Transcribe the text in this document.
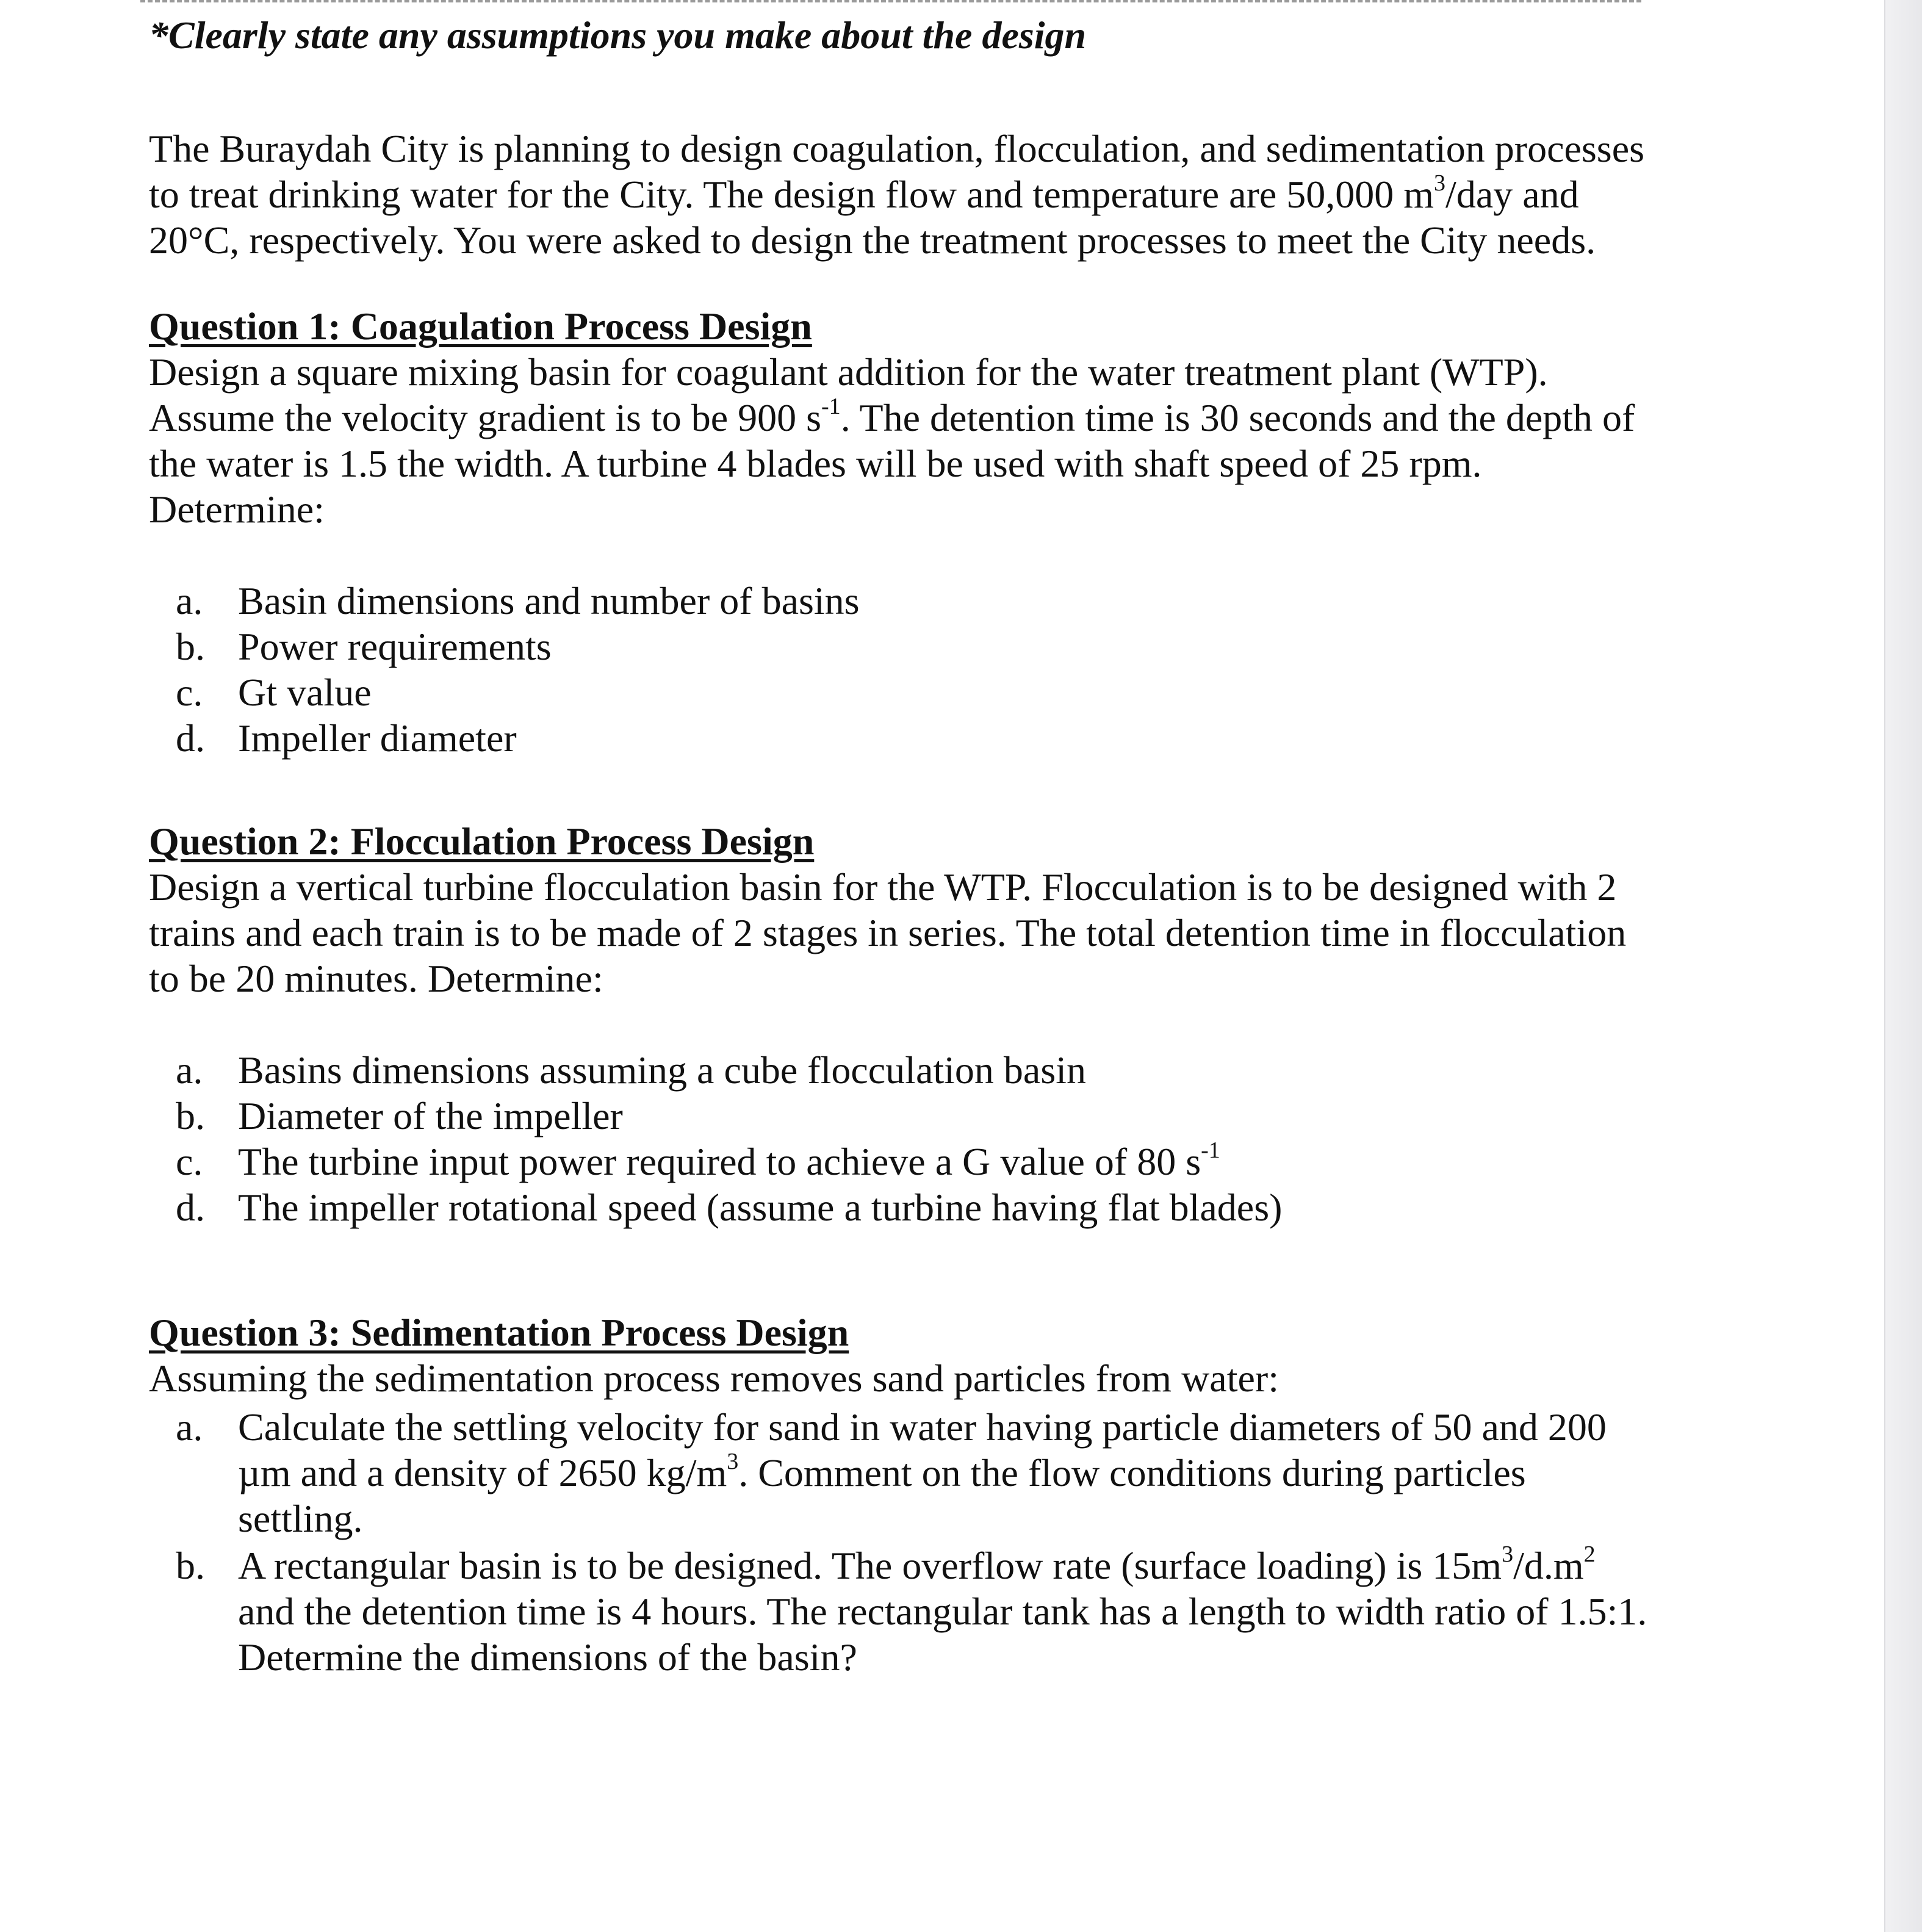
*Clearly state any assumptions you make about the design

The Buraydah City is planning to design coagulation, flocculation, and sedimentation processes to treat drinking water for the City. The design flow and temperature are 50,000 $m^3$/day and 20°C, respectively. You were asked to design the treatment processes to meet the City needs.

Question 1: Coagulation Process Design

Design a square mixing basin for coagulant addition for the water treatment plant (WTP). Assume the velocity gradient is to be 900 $s^{-1}$. The detention time is 30 seconds and the depth of the water is 1.5 the width. A turbine 4 blades will be used with shaft speed of 25 rpm. Determine:

a. Basin dimensions and number of basins
b. Power requirements
c. Gt value
d. Impeller diameter

Question 2: Flocculation Process Design

Design a vertical turbine flocculation basin for the WTP. Flocculation is to be designed with 2 trains and each train is to be made of 2 stages in series. The total detention time in flocculation to be 20 minutes. Determine:

a. Basins dimensions assuming a cube flocculation basin
b. Diameter of the impeller
c. The turbine input power required to achieve a G value of 80 $s^{-1}$
d. The impeller rotational speed (assume a turbine having flat blades)

Question 3: Sedimentation Process Design

Assuming the sedimentation process removes sand particles from water:

a. Calculate the settling velocity for sand in water having particle diameters of 50 and 200 µm and a density of 2650 $kg/m^3$. Comment on the flow conditions during particles settling.
b. A rectangular basin is to be designed. The overflow rate (surface loading) is $15m^3/d.m^2$ and the detention time is 4 hours. The rectangular tank has a length to width ratio of 1.5:1. Determine the dimensions of the basin?
